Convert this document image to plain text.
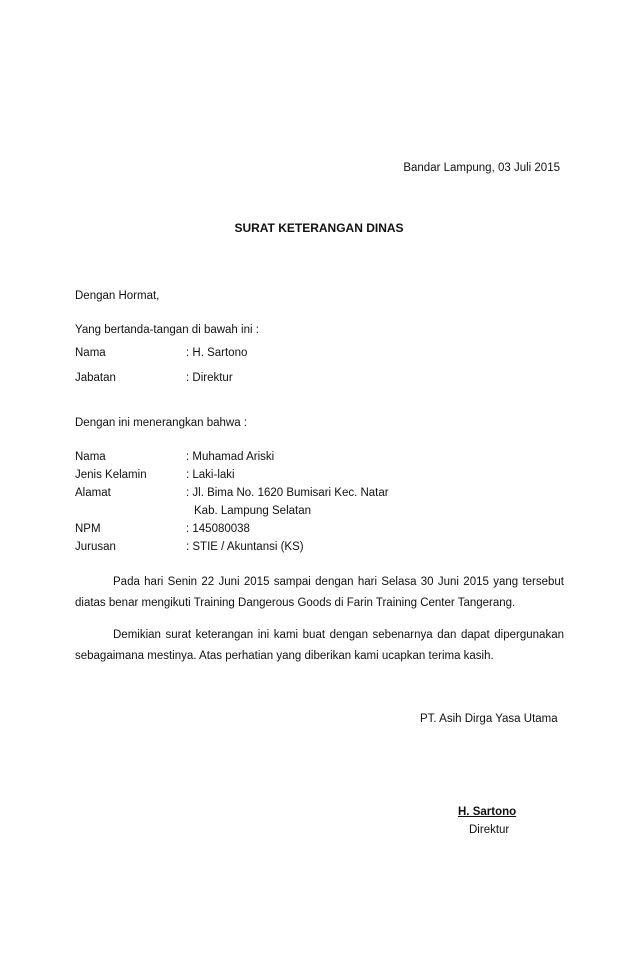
Bandar Lampung, 03 Juli 2015
SURAT KETERANGAN DINAS
Dengan Hormat,
Yang bertanda-tangan di bawah ini :
Nama	: H. Sartono
Jabatan	: Direktur
Dengan ini menerangkan bahwa :
Nama	: Muhamad Ariski
Jenis Kelamin	: Laki-laki
Alamat	: Jl. Bima No. 1620 Bumisari Kec. Natar
Kab. Lampung Selatan
NPM	: 145080038
Jurusan	: STIE / Akuntansi (KS)
Pada hari Senin 22 Juni 2015 sampai dengan hari Selasa 30 Juni 2015 yang tersebut diatas benar mengikuti Training Dangerous Goods di Farin Training Center Tangerang.
Demikian surat keterangan ini kami buat dengan sebenarnya dan dapat dipergunakan sebagaimana mestinya. Atas perhatian yang diberikan kami ucapkan terima kasih.
PT. Asih Dirga Yasa Utama
H. Sartono
Direktur
